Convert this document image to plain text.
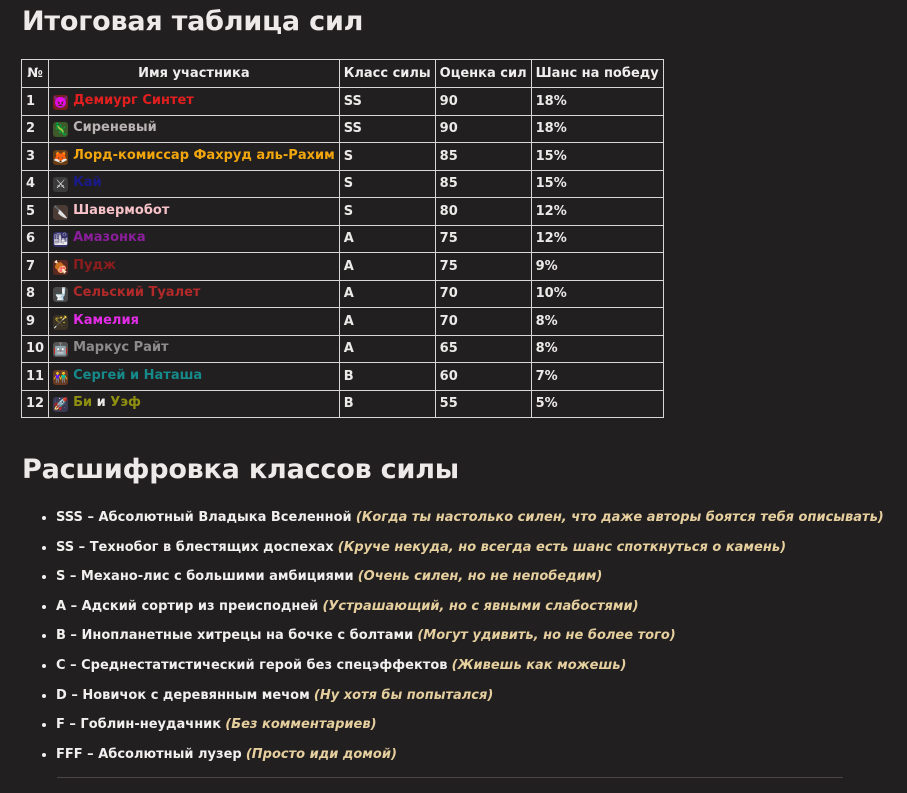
Итоговая таблица сил
№	Имя участника	Класс силы	Оценка сил	Шанс на победу
1	👿 Демиург Синтет	SS	90	18%
2	🦎 Сиреневый	SS	90	18%
3	🦊 Лорд-комиссар Фахруд аль-Рахим	S	85	15%
4	⚔ Кай	S	85	15%
5	🔪 Шавермобот	S	80	12%
6	🏙 Амазонка	A	75	12%
7	🍖 Пудж	A	75	9%
8	🚽 Сельский Туалет	A	70	10%
9	🪄 Камелия	A	70	8%
10	🤖 Маркус Райт	A	65	8%
11	👫 Сергей и Наташа	B	60	7%
12	🚀 Би и Уэф	B	55	5%
Расшифровка классов силы
• SSS – Абсолютный Владыка Вселенной (Когда ты настолько силен, что даже авторы боятся тебя описывать)
• SS – Технобог в блестящих доспехах (Круче некуда, но всегда есть шанс споткнуться о камень)
• S – Механо-лис с большими амбициями (Очень силен, но не непобедим)
• A – Адский сортир из преисподней (Устрашающий, но с явными слабостями)
• B – Инопланетные хитрецы на бочке с болтами (Могут удивить, но не более того)
• C – Среднестатистический герой без спецэффектов (Живешь как можешь)
• D – Новичок с деревянным мечом (Ну хотя бы попытался)
• F – Гоблин-неудачник (Без комментариев)
• FFF – Абсолютный лузер (Просто иди домой)
